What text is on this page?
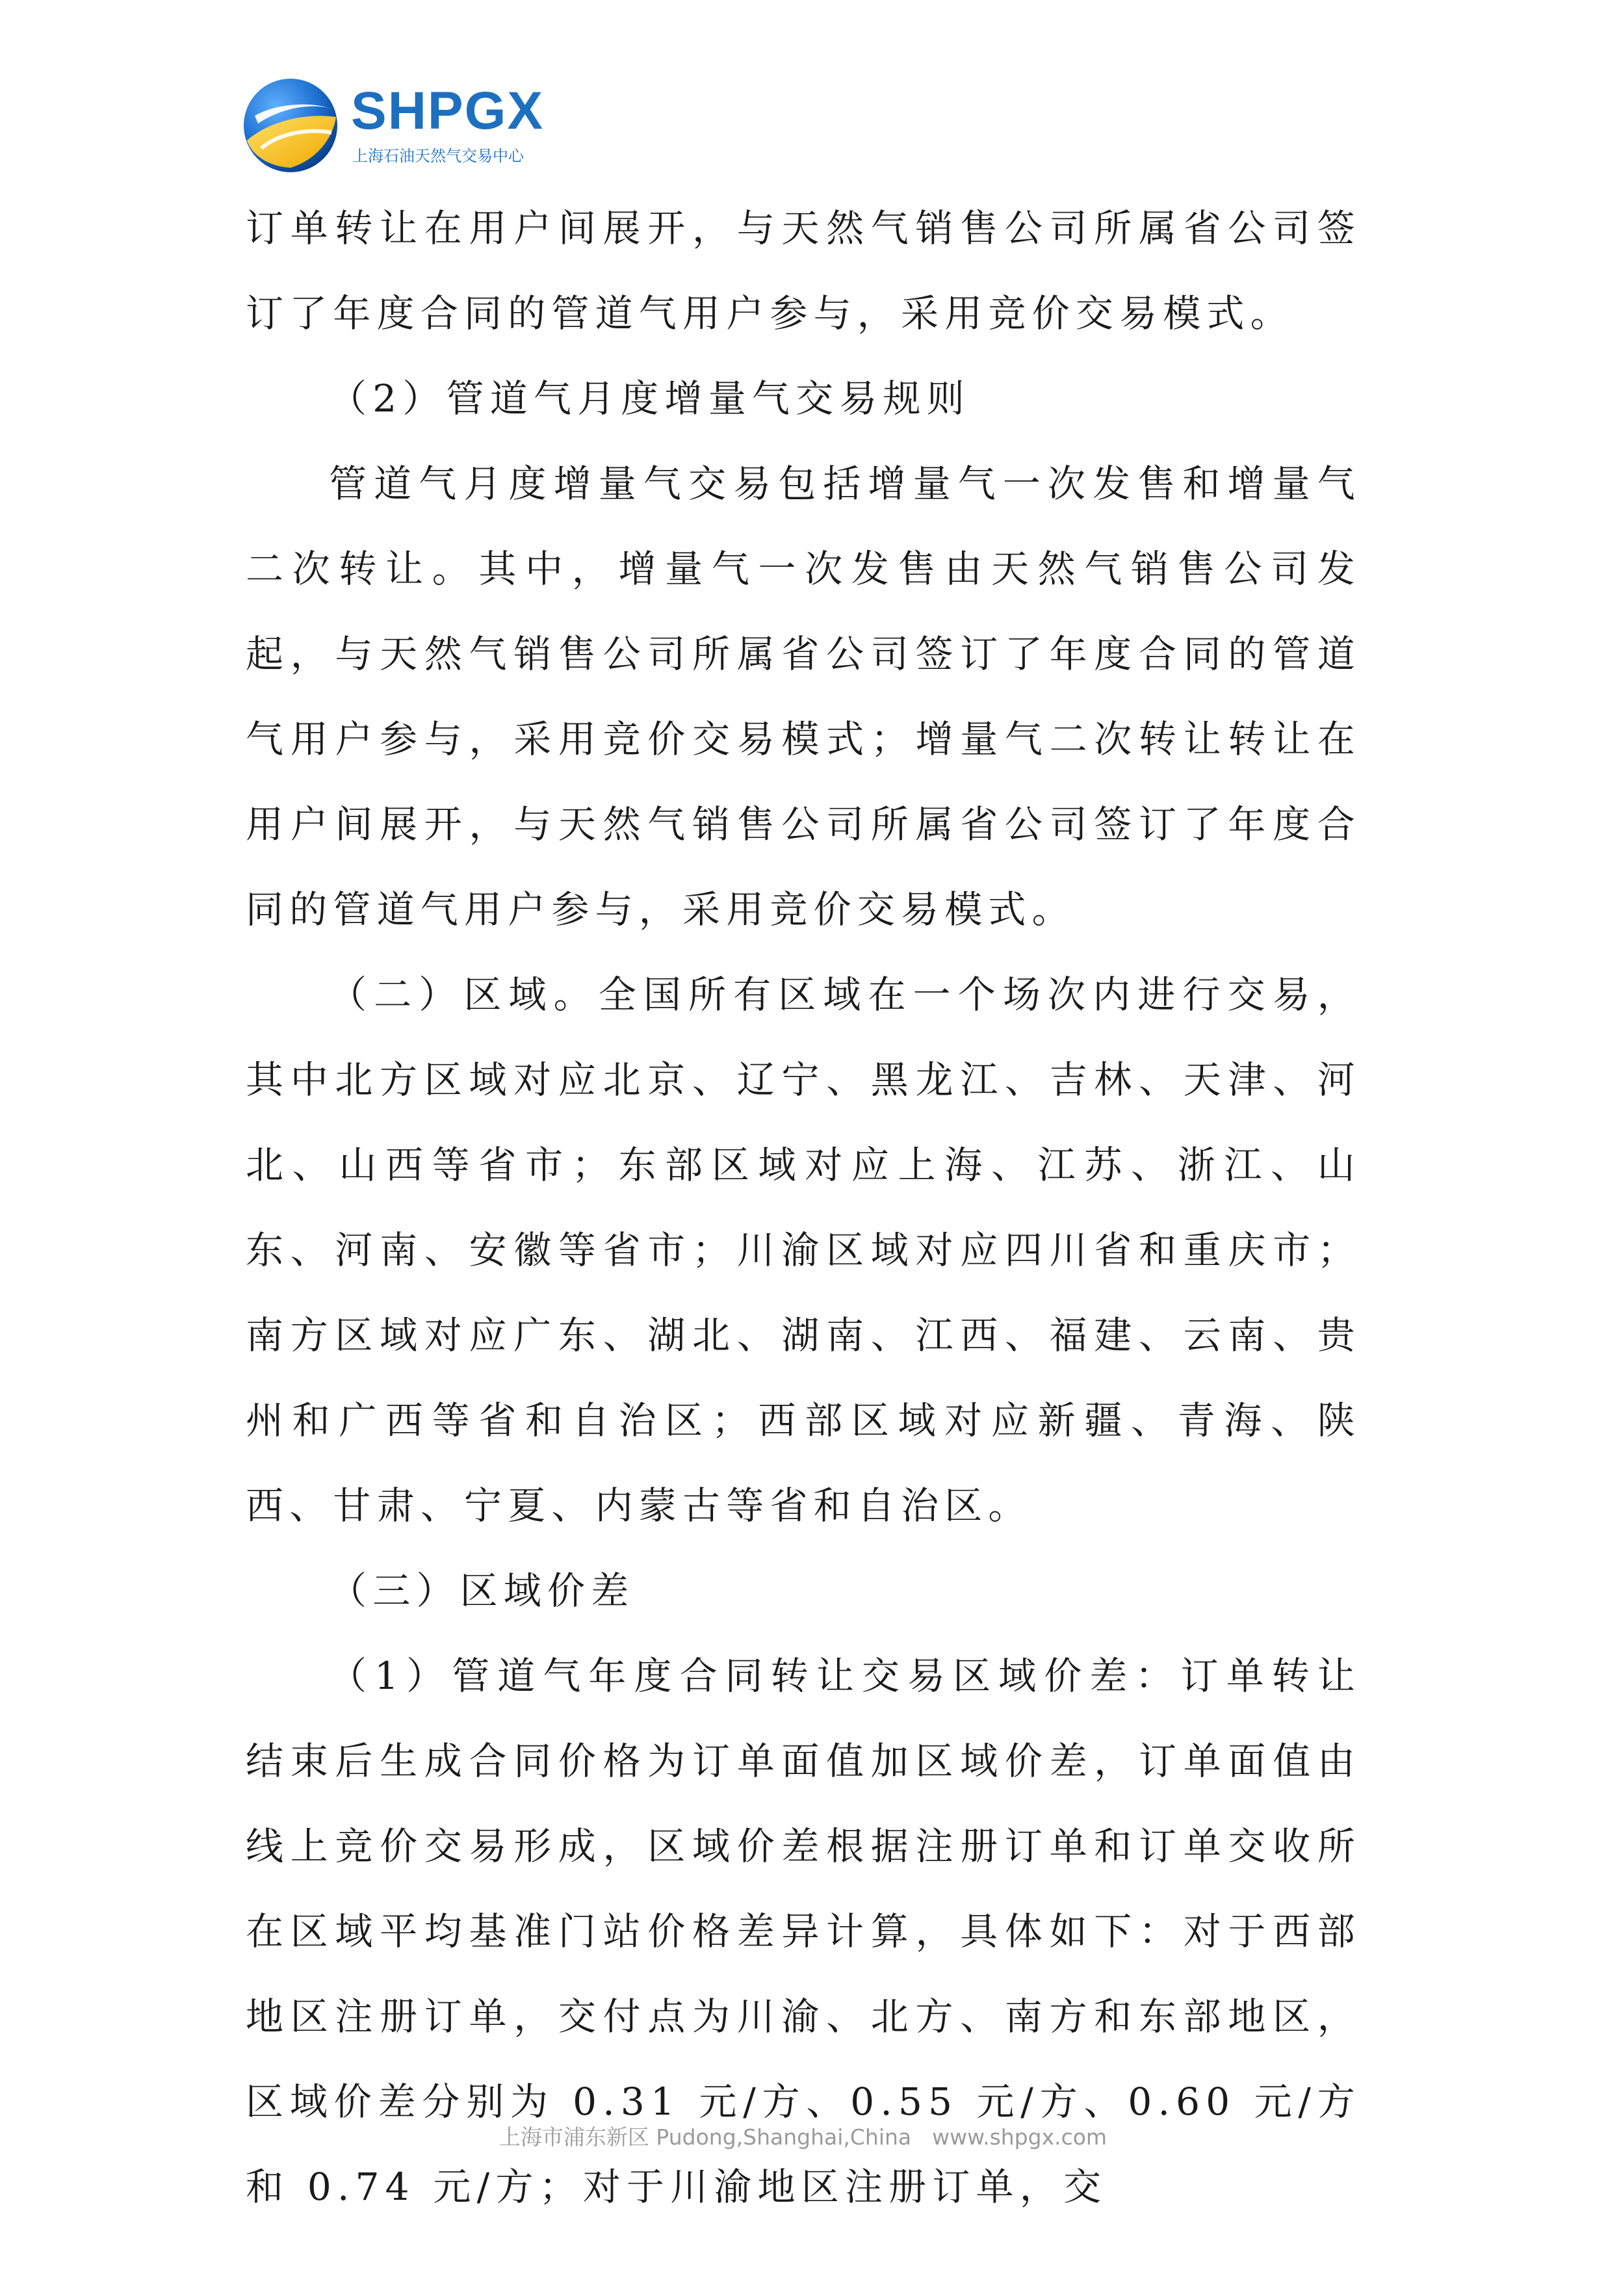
SHPGX
上海石油天然气交易中心

订单转让在用户间展开，与天然气销售公司所属省公司签订了年度合同的管道气用户参与，采用竞价交易模式。

（2）管道气月度增量气交易规则

管道气月度增量气交易包括增量气一次发售和增量气二次转让。其中，增量气一次发售由天然气销售公司发起，与天然气销售公司所属省公司签订了年度合同的管道气用户参与，采用竞价交易模式；增量气二次转让转让在用户间展开，与天然气销售公司所属省公司签订了年度合同的管道气用户参与，采用竞价交易模式。

（二）区域。全国所有区域在一个场次内进行交易，其中北方区域对应北京、辽宁、黑龙江、吉林、天津、河北、山西等省市；东部区域对应上海、江苏、浙江、山东、河南、安徽等省市；川渝区域对应四川省和重庆市；南方区域对应广东、湖北、湖南、江西、福建、云南、贵州和广西等省和自治区；西部区域对应新疆、青海、陕西、甘肃、宁夏、内蒙古等省和自治区。

（三）区域价差

（1）管道气年度合同转让交易区域价差：订单转让结束后生成合同价格为订单面值加区域价差，订单面值由线上竞价交易形成，区域价差根据注册订单和订单交收所在区域平均基准门站价格差异计算，具体如下：对于西部地区注册订单，交付点为川渝、北方、南方和东部地区，区域价差分别为 0.31 元/方、0.55 元/方、0.60 元/方和 0.74 元/方；对于川渝地区注册订单，交

上海市浦东新区 Pudong,Shanghai,China www.shpgx.com
